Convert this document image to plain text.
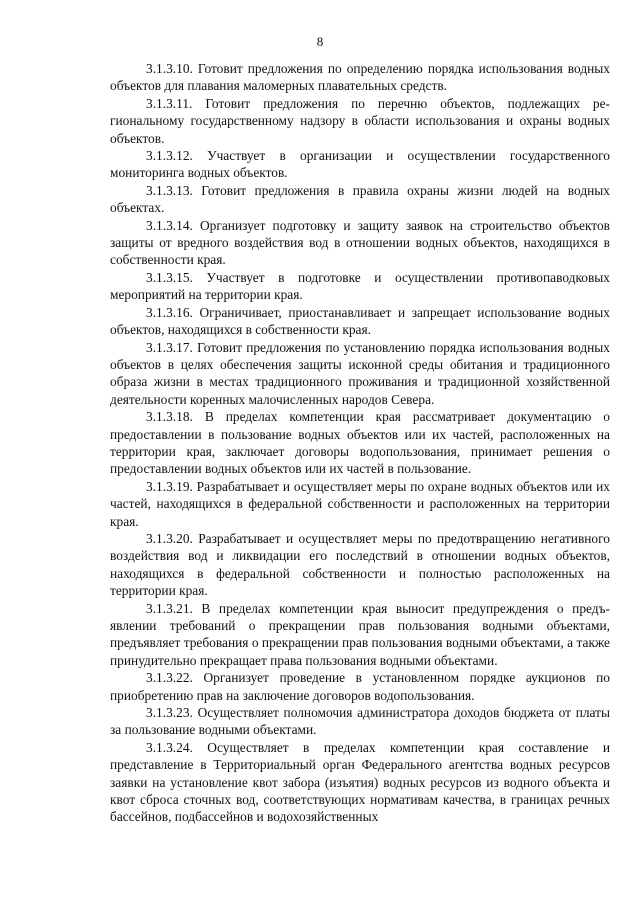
8

3.1.3.10. Готовит предложения по определению порядка использования водных объектов для плавания маломерных плавательных средств.

3.1.3.11. Готовит предложения по перечню объектов, подлежащих региональному государственному надзору в области использования и охраны водных объектов.

3.1.3.12. Участвует в организации и осуществлении государственного мониторинга водных объектов.

3.1.3.13. Готовит предложения в правила охраны жизни людей на водных объектах.

3.1.3.14. Организует подготовку и защиту заявок на строительство объектов защиты от вредного воздействия вод в отношении водных объектов, находящихся в собственности края.

3.1.3.15. Участвует в подготовке и осуществлении противопаводковых мероприятий на территории края.

3.1.3.16. Ограничивает, приостанавливает и запрещает использование водных объектов, находящихся в собственности края.

3.1.3.17. Готовит предложения по установлению порядка использования водных объектов в целях обеспечения защиты исконной среды обитания и традиционного образа жизни в местах традиционного проживания и традиционной хозяйственной деятельности коренных малочисленных народов Севера.

3.1.3.18. В пределах компетенции края рассматривает документацию о предоставлении в пользование водных объектов или их частей, расположенных на территории края, заключает договоры водопользования, принимает решения о предоставлении водных объектов или их частей в пользование.

3.1.3.19. Разрабатывает и осуществляет меры по охране водных объектов или их частей, находящихся в федеральной собственности и расположенных на территории края.

3.1.3.20. Разрабатывает и осуществляет меры по предотвращению негативного воздействия вод и ликвидации его последствий в отношении водных объектов, находящихся в федеральной собственности и полностью расположенных на территории края.

3.1.3.21. В пределах компетенции края выносит предупреждения о предъявлении требований о прекращении прав пользования водными объектами, предъявляет требования о прекращении прав пользования водными объектами, а также принудительно прекращает права пользования водными объектами.

3.1.3.22. Организует проведение в установленном порядке аукционов по приобретению прав на заключение договоров водопользования.

3.1.3.23. Осуществляет полномочия администратора доходов бюджета от платы за пользование водными объектами.

3.1.3.24. Осуществляет в пределах компетенции края составление и представление в Территориальный орган Федерального агентства водных ресурсов заявки на установление квот забора (изъятия) водных ресурсов из водного объекта и квот сброса сточных вод, соответствующих нормативам качества, в границах речных бассейнов, подбассейнов и водохозяйственных
